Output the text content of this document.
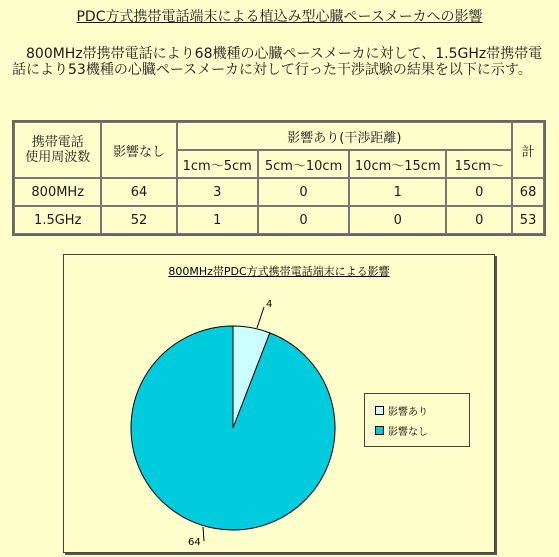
PDC方式携帯電話端末による植込み型心臓ペースメーカへの影響
800MHz帯携帯電話により68機種の心臓ペースメーカに対して、1.5GHz帯携帯電話により53機種の心臓ペースメーカに対して行った干渉試験の結果を以下に示す。
携帯電話
使用周波数	影響なし	影響あり(干渉距離)				計
		1cm〜5cm	5cm〜10cm	10cm〜15cm	15cm〜	
800MHz	64	3	0	1	0	68
1.5GHz	52	1	0	0	0	53
800MHz帯PDC方式携帯電話端末による影響
4
64
影響あり
影響なし
